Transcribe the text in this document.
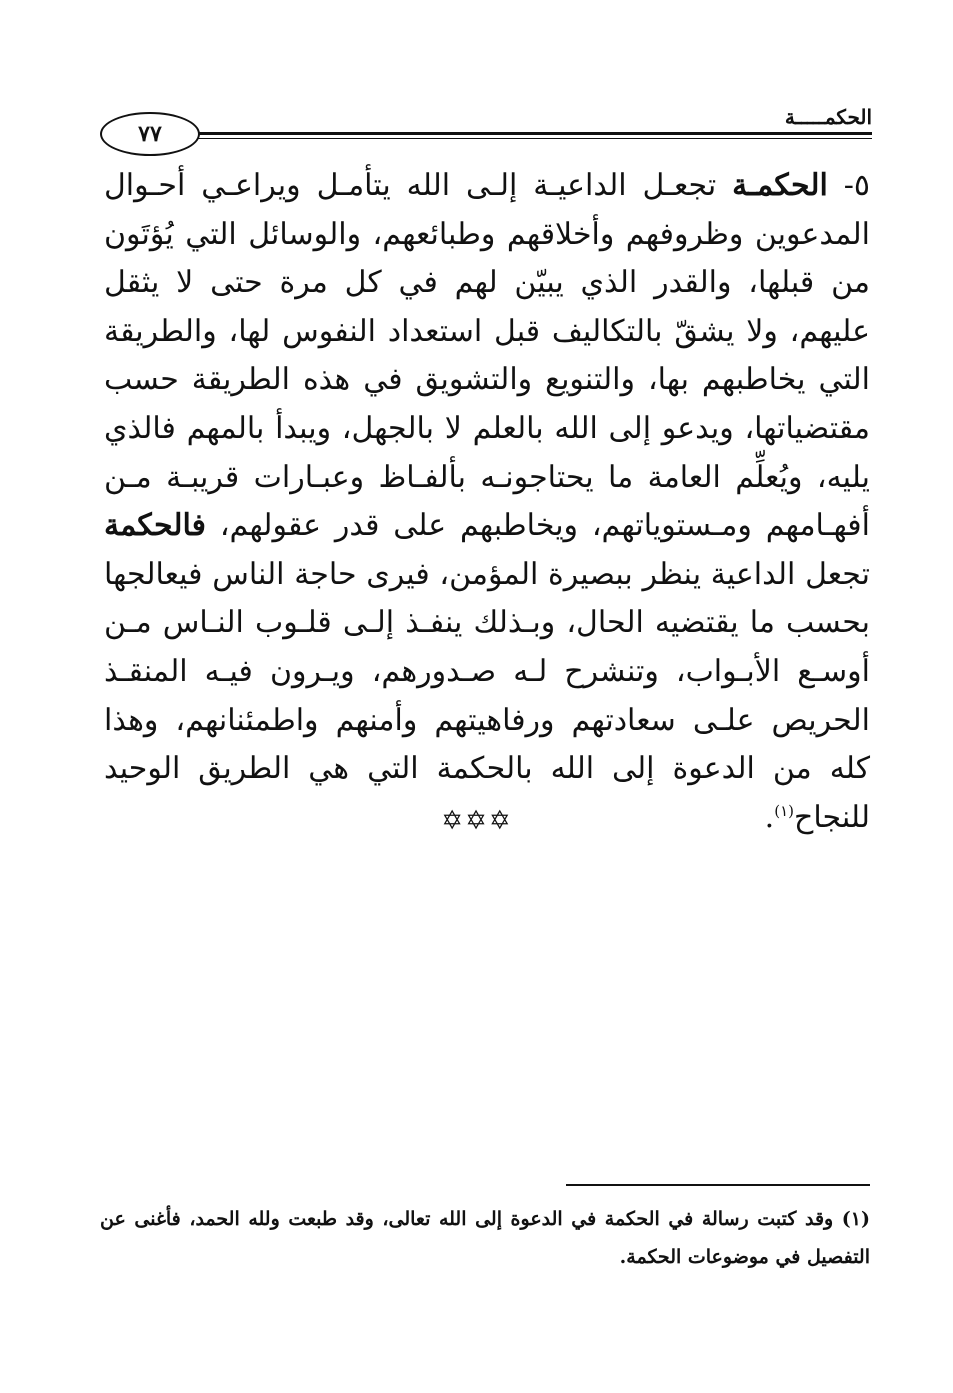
٧٧
الحكمـــــة
٥- الحكمـة تجعـل الداعيـة إلـى الله يتأمـل ويراعـي أحـوال المدعوين وظروفهم وأخلاقهم وطبائعهم، والوسائل التي يُؤتَون من قبلها، والقدر الذي يبيّن لهم في كل مرة حتى لا يثقل عليهم، ولا يشقّ بالتكاليف قبل استعداد النفوس لها، والطريقة التي يخاطبهم بها، والتنويع والتشويق في هذه الطريقة حسب مقتضياتها، ويدعو إلى الله بالعلم لا بالجهل، ويبدأ بالمهم فالذي يليه، ويُعلِّم العامة ما يحتاجونـه بألفـاظ وعبـارات قريبـة مـن أفهـامهم ومـستوياتهم، ويخاطبهم على قدر عقولهم، فالحكمة تجعل الداعية ينظر ببصيرة المؤمن، فيرى حاجة الناس فيعالجها بحسب ما يقتضيه الحال، وبـذلك ينفـذ إلـى قلـوب النـاس مـن أوسـع الأبـواب، وتنشرح لـه صـدورهم، ويـرون فيـه المنقـذ الحريص علـى سعادتهم ورفاهيتهم وأمنهم واطمئنانهم، وهذا كله من الدعوة إلى الله بالحكمة التي هي الطريق الوحيد للنجاح$^{(١)}$.
✡ ✡ ✡
(١) وقد كتبت رسالة في الحكمة في الدعوة إلى الله تعالى، وقد طبعت ولله الحمد، فأغنى عن التفصيل في موضوعات الحكمة.
